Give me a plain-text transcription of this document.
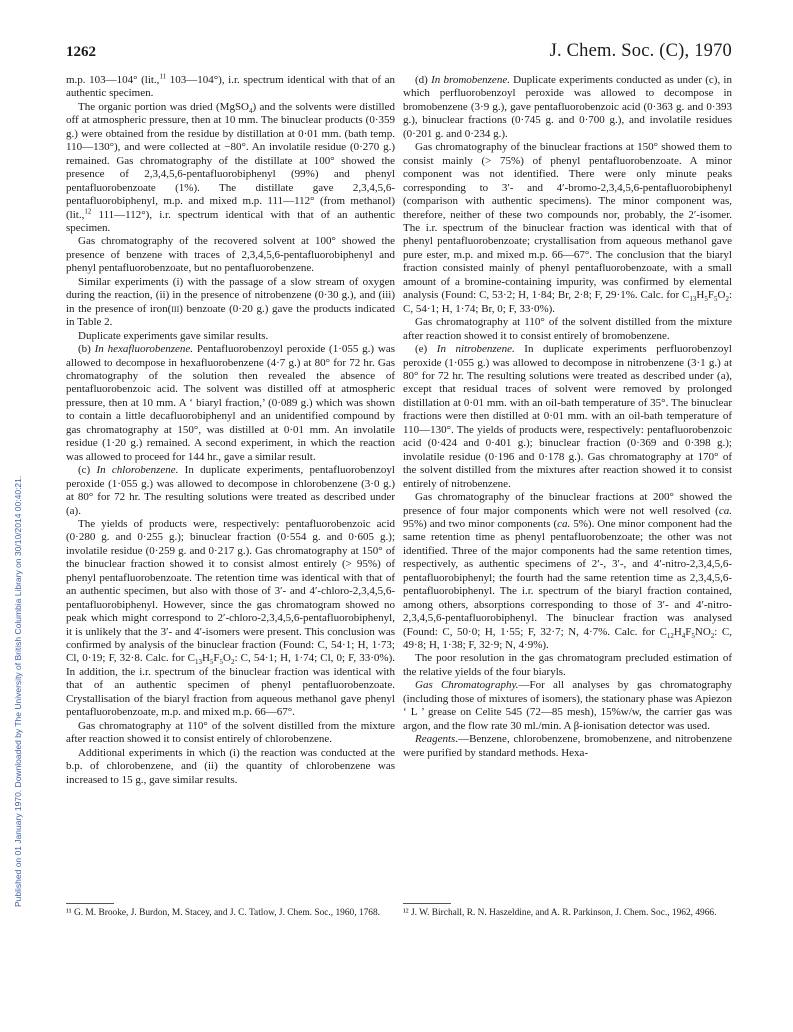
1262	J. Chem. Soc. (C), 1970
Published on 01 January 1970. Downloaded by The University of British Columbia Library on 30/10/2014 00:40:21.

m.p. 103—104° (lit.,$^{11}$ 103—104°), i.r. spectrum identical with that of an authentic specimen.

The organic portion was dried (MgSO$_4$) and the solvents were distilled off at atmospheric pressure, then at 10 mm. The binuclear products (0·359 g.) were obtained from the residue by distillation at 0·01 mm. (bath temp. 110—130°), and were collected at −80°. An involatile residue (0·270 g.) remained. Gas chromatography of the distillate at 100° showed the presence of 2,3,4,5,6-pentafluorobiphenyl (99%) and phenyl pentafluorobenzoate (1%). The distillate gave 2,3,4,5,6-pentafluorobiphenyl, m.p. and mixed m.p. 111—112° (from methanol) (lit.,$^{12}$ 111—112°), i.r. spectrum identical with that of an authentic specimen.

Gas chromatography of the recovered solvent at 100° showed the presence of benzene with traces of 2,3,4,5,6-pentafluorobiphenyl and phenyl pentafluorobenzoate, but no pentafluorobenzene.

Similar experiments (i) with the passage of a slow stream of oxygen during the reaction, (ii) in the presence of nitrobenzene (0·30 g.), and (iii) in the presence of iron(iii) benzoate (0·20 g.) gave the products indicated in Table 2.

Duplicate experiments gave similar results.

(b) In hexafluorobenzene. Pentafluorobenzoyl peroxide (1·055 g.) was allowed to decompose in hexafluorobenzene (4·7 g.) at 80° for 72 hr. Gas chromatography of the solution then revealed the absence of pentafluorobenzoic acid. The solvent was distilled off at atmospheric pressure, then at 10 mm. A ‘ biaryl fraction,’ (0·089 g.) which was shown to contain a little decafluorobiphenyl and an unidentified compound by gas chromatography at 150°, was distilled at 0·01 mm. An involatile residue (1·20 g.) remained. A second experiment, in which the reaction was allowed to proceed for 144 hr., gave a similar result.

(c) In chlorobenzene. In duplicate experiments, pentafluorobenzoyl peroxide (1·055 g.) was allowed to decompose in chlorobenzene (3·0 g.) at 80° for 72 hr. The resulting solutions were treated as described under (a).

The yields of products were, respectively: pentafluorobenzoic acid (0·280 g. and 0·255 g.); binuclear fraction (0·554 g. and 0·605 g.); involatile residue (0·259 g. and 0·217 g.). Gas chromatography at 150° of the binuclear fraction showed it to consist almost entirely (> 95%) of phenyl pentafluorobenzoate. The retention time was identical with that of an authentic specimen, but also with those of 3′- and 4′-chloro-2,3,4,5,6-pentafluorobiphenyl. However, since the gas chromatogram showed no peak which might correspond to 2′-chloro-2,3,4,5,6-pentafluorobiphenyl, it is unlikely that the 3′- and 4′-isomers were present. This conclusion was confirmed by analysis of the binuclear fraction (Found: C, 54·1; H, 1·73; Cl, 0·19; F, 32·8. Calc. for $C_{13}H_5F_5O_2$: C, 54·1; H, 1·74; Cl, 0; F, 33·0%). In addition, the i.r. spectrum of the binuclear fraction was identical with that of an authentic specimen of phenyl pentafluorobenzoate. Crystallisation of the biaryl fraction from aqueous methanol gave phenyl pentafluorobenzoate, m.p. and mixed m.p. 66—67°.

Gas chromatography at 110° of the solvent distilled from the mixture after reaction showed it to consist entirely of chlorobenzene.

Additional experiments in which (i) the reaction was conducted at the b.p. of chlorobenzene, and (ii) the quantity of chlorobenzene was increased to 15 g., gave similar results.

(d) In bromobenzene. Duplicate experiments conducted as under (c), in which perfluorobenzoyl peroxide was allowed to decompose in bromobenzene (3·9 g.), gave pentafluorobenzoic acid (0·363 g. and 0·393 g.), binuclear fractions (0·745 g. and 0·700 g.), and involatile residues (0·201 g. and 0·234 g.).

Gas chromatography of the binuclear fractions at 150° showed them to consist mainly (> 75%) of phenyl pentafluorobenzoate. A minor component was not identified. There were only minute peaks corresponding to 3′- and 4′-bromo-2,3,4,5,6-pentafluorobiphenyl (comparison with authentic specimens). The minor component was, therefore, neither of these two compounds nor, probably, the 2′-isomer. The i.r. spectrum of the binuclear fraction was identical with that of phenyl pentafluorobenzoate; crystallisation from aqueous methanol gave pure ester, m.p. and mixed m.p. 66—67°. The conclusion that the biaryl fraction consisted mainly of phenyl pentafluorobenzoate, with a small amount of a bromine-containing impurity, was confirmed by elemental analysis (Found: C, 53·2; H, 1·84; Br, 2·8; F, 29·1%. Calc. for $C_{13}H_5F_5O_2$: C, 54·1; H, 1·74; Br, 0; F, 33·0%).

Gas chromatography at 110° of the solvent distilled from the mixture after reaction showed it to consist entirely of bromobenzene.

(e) In nitrobenzene. In duplicate experiments perfluorobenzoyl peroxide (1·055 g.) was allowed to decompose in nitrobenzene (3·1 g.) at 80° for 72 hr. The resulting solutions were treated as described under (a), except that residual traces of solvent were removed by prolonged distillation at 0·01 mm. with an oil-bath temperature of 35°. The binuclear fractions were then distilled at 0·01 mm. with an oil-bath temperature of 110—130°. The yields of products were, respectively: pentafluorobenzoic acid (0·424 and 0·401 g.); binuclear fraction (0·369 and 0·398 g.); involatile residue (0·196 and 0·178 g.). Gas chromatography at 170° of the solvent distilled from the mixtures after reaction showed it to consist entirely of nitrobenzene.

Gas chromatography of the binuclear fractions at 200° showed the presence of four major components which were not well resolved (ca. 95%) and two minor components (ca. 5%). One minor component had the same retention time as phenyl pentafluorobenzoate; the other was not identified. Three of the major components had the same retention times, respectively, as authentic specimens of 2′-, 3′-, and 4′-nitro-2,3,4,5,6-pentafluorobiphenyl; the fourth had the same retention time as 2,3,4,5,6-pentafluorobiphenyl. The i.r. spectrum of the biaryl fraction contained, among others, absorptions corresponding to those of 3′- and 4′-nitro-2,3,4,5,6-pentafluorobiphenyl. The binuclear fraction was analysed (Found: C, 50·0; H, 1·55; F, 32·7; N, 4·7%. Calc. for $C_{12}H_4F_5NO_2$: C, 49·8; H, 1·38; F, 32·9; N, 4·9%).

The poor resolution in the gas chromatogram precluded estimation of the relative yields of the four biaryls.

Gas Chromatography.—For all analyses by gas chromatography (including those of mixtures of isomers), the stationary phase was Apiezon ‘ L ’ grease on Celite 545 (72—85 mesh), 15%w/w, the carrier gas was argon, and the flow rate 30 ml./min. A β-ionisation detector was used.

Reagents.—Benzene, chlorobenzene, bromobenzene, and nitrobenzene were purified by standard methods. Hexa-

¹¹ G. M. Brooke, J. Burdon, M. Stacey, and J. C. Tatlow, J. Chem. Soc., 1960, 1768.	¹² J. W. Birchall, R. N. Haszeldine, and A. R. Parkinson, J. Chem. Soc., 1962, 4966.
